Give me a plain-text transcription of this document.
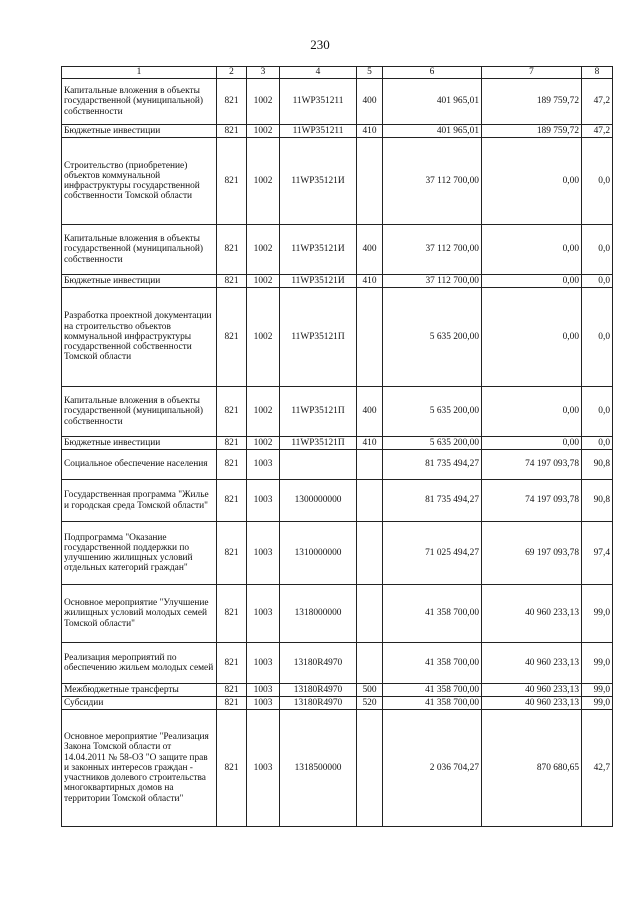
230
1	2	3	4	5	6	7	8
Капитальные вложения в объекты государственной (муниципальной) собственности	821	1002	11WP351211	400	401 965,01	189 759,72	47,2
Бюджетные инвестиции	821	1002	11WP351211	410	401 965,01	189 759,72	47,2
Строительство (приобретение) объектов коммунальной инфраструктуры государственной собственности Томской области	821	1002	11WP35121И		37 112 700,00	0,00	0,0
Капитальные вложения в объекты государственной (муниципальной) собственности	821	1002	11WP35121И	400	37 112 700,00	0,00	0,0
Бюджетные инвестиции	821	1002	11WP35121И	410	37 112 700,00	0,00	0,0
Разработка проектной документации на строительство объектов коммунальной инфраструктуры государственной собственности Томской области	821	1002	11WP35121П		5 635 200,00	0,00	0,0
Капитальные вложения в объекты государственной (муниципальной) собственности	821	1002	11WP35121П	400	5 635 200,00	0,00	0,0
Бюджетные инвестиции	821	1002	11WP35121П	410	5 635 200,00	0,00	0,0
Социальное обеспечение населения	821	1003			81 735 494,27	74 197 093,78	90,8
Государственная программа "Жилье и городская среда Томской области"	821	1003	1300000000		81 735 494,27	74 197 093,78	90,8
Подпрограмма "Оказание государственной поддержки по улучшению жилищных условий отдельных категорий граждан"	821	1003	1310000000		71 025 494,27	69 197 093,78	97,4
Основное мероприятие "Улучшение жилищных условий молодых семей Томской области"	821	1003	1318000000		41 358 700,00	40 960 233,13	99,0
Реализация мероприятий по обеспечению жильем молодых семей	821	1003	13180R4970		41 358 700,00	40 960 233,13	99,0
Межбюджетные трансферты	821	1003	13180R4970	500	41 358 700,00	40 960 233,13	99,0
Субсидии	821	1003	13180R4970	520	41 358 700,00	40 960 233,13	99,0
Основное мероприятие "Реализация Закона Томской области от 14.04.2011 № 58-ОЗ "О защите прав и законных интересов граждан - участников долевого строительства многоквартирных домов на территории Томской области"	821	1003	1318500000		2 036 704,27	870 680,65	42,7
